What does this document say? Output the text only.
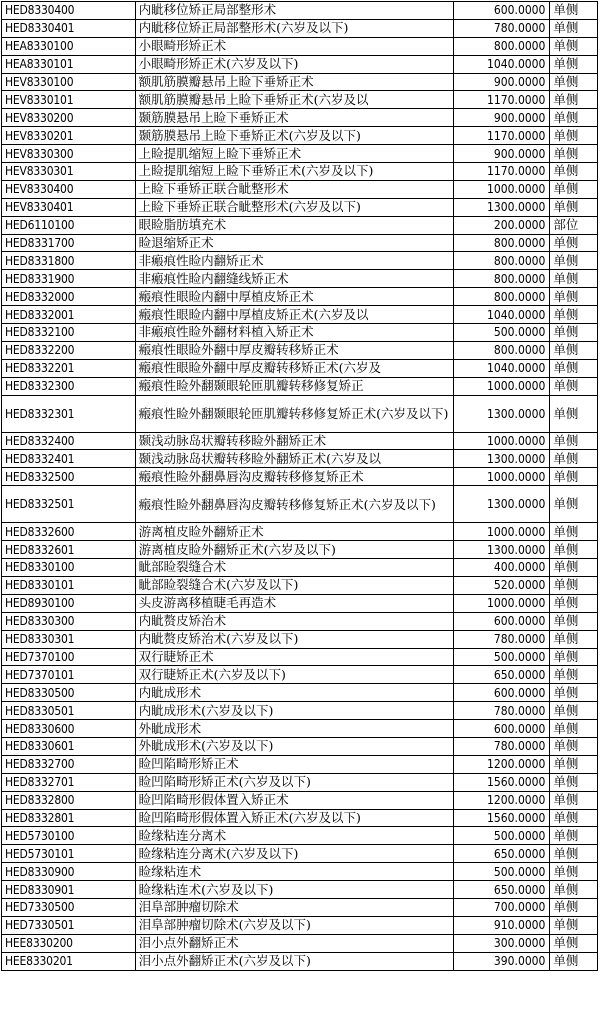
HED8330400	内眦移位矫正局部整形术	600.0000	单侧
HED8330401	内眦移位矫正局部整形术(六岁及以下)	780.0000	单侧
HEA8330100	小眼畸形矫正术	800.0000	单侧
HEA8330101	小眼畸形矫正术(六岁及以下)	1040.0000	单侧
HEV8330100	额肌筋膜瓣悬吊上睑下垂矫正术	900.0000	单侧
HEV8330101	额肌筋膜瓣悬吊上睑下垂矫正术(六岁及以	1170.0000	单侧
HEV8330200	颞筋膜悬吊上睑下垂矫正术	900.0000	单侧
HEV8330201	颞筋膜悬吊上睑下垂矫正术(六岁及以下)	1170.0000	单侧
HEV8330300	上睑提肌缩短上睑下垂矫正术	900.0000	单侧
HEV8330301	上睑提肌缩短上睑下垂矫正术(六岁及以下)	1170.0000	单侧
HEV8330400	上睑下垂矫正联合眦整形术	1000.0000	单侧
HEV8330401	上睑下垂矫正联合眦整形术(六岁及以下)	1300.0000	单侧
HED6110100	眼睑脂肪填充术	200.0000	部位
HED8331700	睑退缩矫正术	800.0000	单侧
HED8331800	非瘢痕性睑内翻矫正术	800.0000	单侧
HED8331900	非瘢痕性睑内翻缝线矫正术	800.0000	单侧
HED8332000	瘢痕性眼睑内翻中厚植皮矫正术	800.0000	单侧
HED8332001	瘢痕性眼睑内翻中厚植皮矫正术(六岁及以	1040.0000	单侧
HED8332100	非瘢痕性睑外翻材料植入矫正术	500.0000	单侧
HED8332200	瘢痕性眼睑外翻中厚皮瓣转移矫正术	800.0000	单侧
HED8332201	瘢痕性眼睑外翻中厚皮瓣转移矫正术(六岁及	1040.0000	单侧
HED8332300	瘢痕性睑外翻颞眼轮匝肌瓣转移修复矫正	1000.0000	单侧
HED8332301	瘢痕性睑外翻颞眼轮匝肌瓣转移修复矫正术(六岁及以下)	1300.0000	单侧
HED8332400	颞浅动脉岛状瓣转移睑外翻矫正术	1000.0000	单侧
HED8332401	颞浅动脉岛状瓣转移睑外翻矫正术(六岁及以	1300.0000	单侧
HED8332500	瘢痕性睑外翻鼻唇沟皮瓣转移修复矫正术	1000.0000	单侧
HED8332501	瘢痕性睑外翻鼻唇沟皮瓣转移修复矫正术(六岁及以下)	1300.0000	单侧
HED8332600	游离植皮睑外翻矫正术	1000.0000	单侧
HED8332601	游离植皮睑外翻矫正术(六岁及以下)	1300.0000	单侧
HED8330100	眦部睑裂缝合术	400.0000	单侧
HED8330101	眦部睑裂缝合术(六岁及以下)	520.0000	单侧
HED8930100	头皮游离移植睫毛再造术	1000.0000	单侧
HED8330300	内眦赘皮矫治术	600.0000	单侧
HED8330301	内眦赘皮矫治术(六岁及以下)	780.0000	单侧
HED7370100	双行睫矫正术	500.0000	单侧
HED7370101	双行睫矫正术(六岁及以下)	650.0000	单侧
HED8330500	内眦成形术	600.0000	单侧
HED8330501	内眦成形术(六岁及以下)	780.0000	单侧
HED8330600	外眦成形术	600.0000	单侧
HED8330601	外眦成形术(六岁及以下)	780.0000	单侧
HED8332700	睑凹陷畸形矫正术	1200.0000	单侧
HED8332701	睑凹陷畸形矫正术(六岁及以下)	1560.0000	单侧
HED8332800	睑凹陷畸形假体置入矫正术	1200.0000	单侧
HED8332801	睑凹陷畸形假体置入矫正术(六岁及以下)	1560.0000	单侧
HED5730100	睑缘粘连分离术	500.0000	单侧
HED5730101	睑缘粘连分离术(六岁及以下)	650.0000	单侧
HED8330900	睑缘粘连术	500.0000	单侧
HED8330901	睑缘粘连术(六岁及以下)	650.0000	单侧
HED7330500	泪阜部肿瘤切除术	700.0000	单侧
HED7330501	泪阜部肿瘤切除术(六岁及以下)	910.0000	单侧
HEE8330200	泪小点外翻矫正术	300.0000	单侧
HEE8330201	泪小点外翻矫正术(六岁及以下)	390.0000	单侧
